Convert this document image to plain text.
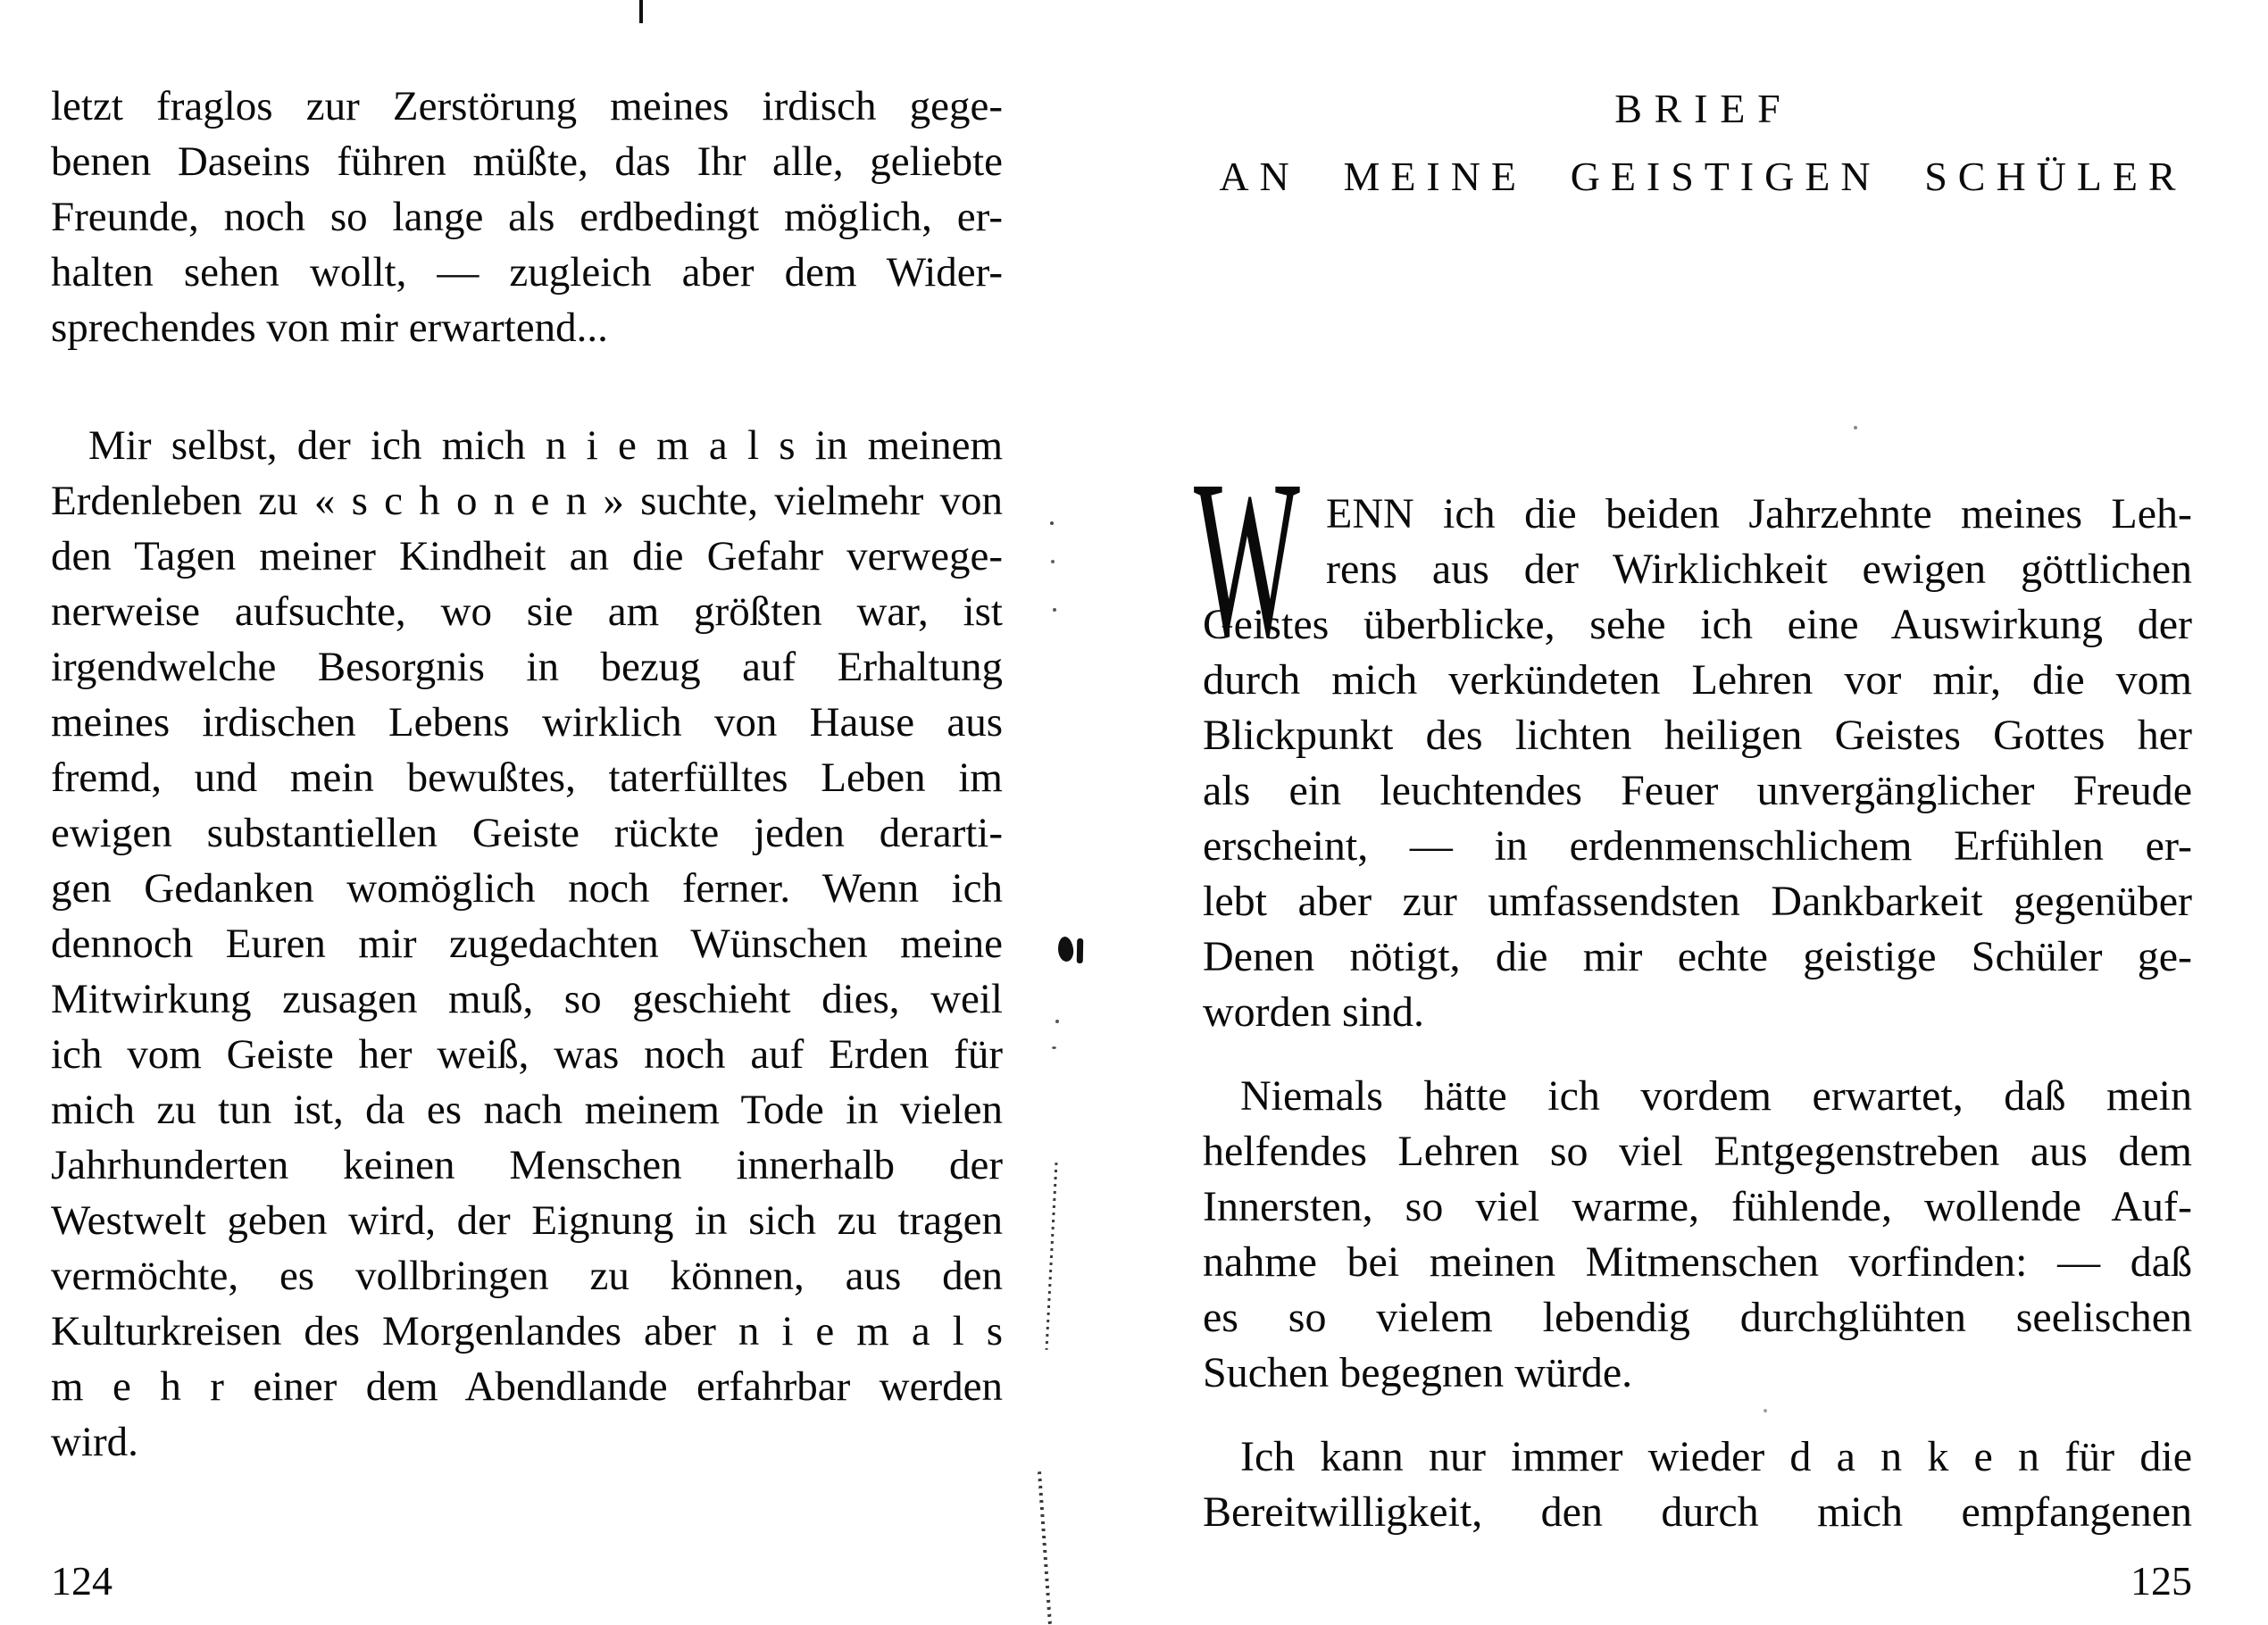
letzt fraglos zur Zerstörung meines irdisch gege-
benen Daseins führen müßte, das Ihr alle, geliebte
Freunde, noch so lange als erdbedingt möglich, er-
halten sehen wollt, — zugleich aber dem Wider-
sprechendes von mir erwartend...
Mir selbst, der ich mich n i e m a l s in meinem
Erdenleben zu « s c h o n e n » suchte, vielmehr von
den Tagen meiner Kindheit an die Gefahr verwege-
nerweise aufsuchte, wo sie am größten war, ist
irgendwelche Besorgnis in bezug auf Erhaltung
meines irdischen Lebens wirklich von Hause aus
fremd, und mein bewußtes, taterfülltes Leben im
ewigen substantiellen Geiste rückte jeden derarti-
gen Gedanken womöglich noch ferner. Wenn ich
dennoch Euren mir zugedachten Wünschen meine
Mitwirkung zusagen muß, so geschieht dies, weil
ich vom Geiste her weiß, was noch auf Erden für
mich zu tun ist, da es nach meinem Tode in vielen
Jahrhunderten keinen Menschen innerhalb der
Westwelt geben wird, der Eignung in sich zu tragen
vermöchte, es vollbringen zu können, aus den
Kulturkreisen des Morgenlandes aber n i e m a l s
m e h r einer dem Abendlande erfahrbar werden
wird.
124
BRIEF
AN MEINE GEISTIGEN SCHÜLER
W ENN ich die beiden Jahrzehnte meines Leh-
rens aus der Wirklichkeit ewigen göttlichen
Geistes überblicke, sehe ich eine Auswirkung der
durch mich verkündeten Lehren vor mir, die vom
Blickpunkt des lichten heiligen Geistes Gottes her
als ein leuchtendes Feuer unvergänglicher Freude
erscheint, — in erdenmenschlichem Erfühlen er-
lebt aber zur umfassendsten Dankbarkeit gegenüber
Denen nötigt, die mir echte geistige Schüler ge-
worden sind.
Niemals hätte ich vordem erwartet, daß mein
helfendes Lehren so viel Entgegenstreben aus dem
Innersten, so viel warme, fühlende, wollende Auf-
nahme bei meinen Mitmenschen vorfinden: — daß
es so vielem lebendig durchglühten seelischen
Suchen begegnen würde.
Ich kann nur immer wieder d a n k e n für die
Bereitwilligkeit, den durch mich empfangenen
125
